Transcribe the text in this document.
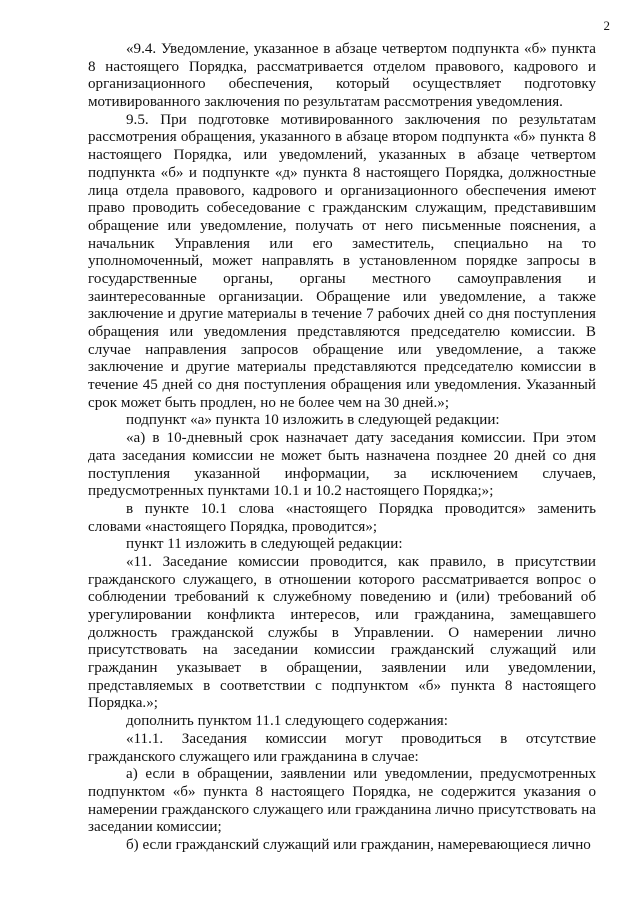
2

«9.4. Уведомление, указанное в абзаце четвертом подпункта «б» пункта 8 настоящего Порядка, рассматривается отделом правового, кадрового и организационного обеспечения, который осуществляет подготовку мотивированного заключения по результатам рассмотрения уведомления.

9.5. При подготовке мотивированного заключения по результатам рассмотрения обращения, указанного в абзаце втором подпункта «б» пункта 8 настоящего Порядка, или уведомлений, указанных в абзаце четвертом подпункта «б» и подпункте «д» пункта 8 настоящего Порядка, должностные лица отдела правового, кадрового и организационного обеспечения имеют право проводить собеседование с гражданским служащим, представившим обращение или уведомление, получать от него письменные пояснения, а начальник Управления или его заместитель, специально на то уполномоченный, может направлять в установленном порядке запросы в государственные органы, органы местного самоуправления и заинтересованные организации. Обращение или уведомление, а также заключение и другие материалы в течение 7 рабочих дней со дня поступления обращения или уведомления представляются председателю комиссии. В случае направления запросов обращение или уведомление, а также заключение и другие материалы представляются председателю комиссии в течение 45 дней со дня поступления обращения или уведомления. Указанный срок может быть продлен, но не более чем на 30 дней.»;

подпункт «а» пункта 10 изложить в следующей редакции:

«а) в 10-дневный срок назначает дату заседания комиссии. При этом дата заседания комиссии не может быть назначена позднее 20 дней со дня поступления указанной информации, за исключением случаев, предусмотренных пунктами 10.1 и 10.2 настоящего Порядка;»;

в пункте 10.1 слова «настоящего Порядка проводится» заменить словами «настоящего Порядка, проводится»;

пункт 11 изложить в следующей редакции:

«11. Заседание комиссии проводится, как правило, в присутствии гражданского служащего, в отношении которого рассматривается вопрос о соблюдении требований к служебному поведению и (или) требований об урегулировании конфликта интересов, или гражданина, замещавшего должность гражданской службы в Управлении. О намерении лично присутствовать на заседании комиссии гражданский служащий или гражданин указывает в обращении, заявлении или уведомлении, представляемых в соответствии с подпунктом «б» пункта 8 настоящего Порядка.»;

дополнить пунктом 11.1 следующего содержания:

«11.1. Заседания комиссии могут проводиться в отсутствие гражданского служащего или гражданина в случае:

а) если в обращении, заявлении или уведомлении, предусмотренных подпунктом «б» пункта 8 настоящего Порядка, не содержится указания о намерении гражданского служащего или гражданина лично присутствовать на заседании комиссии;

б) если гражданский служащий или гражданин, намеревающиеся лично
